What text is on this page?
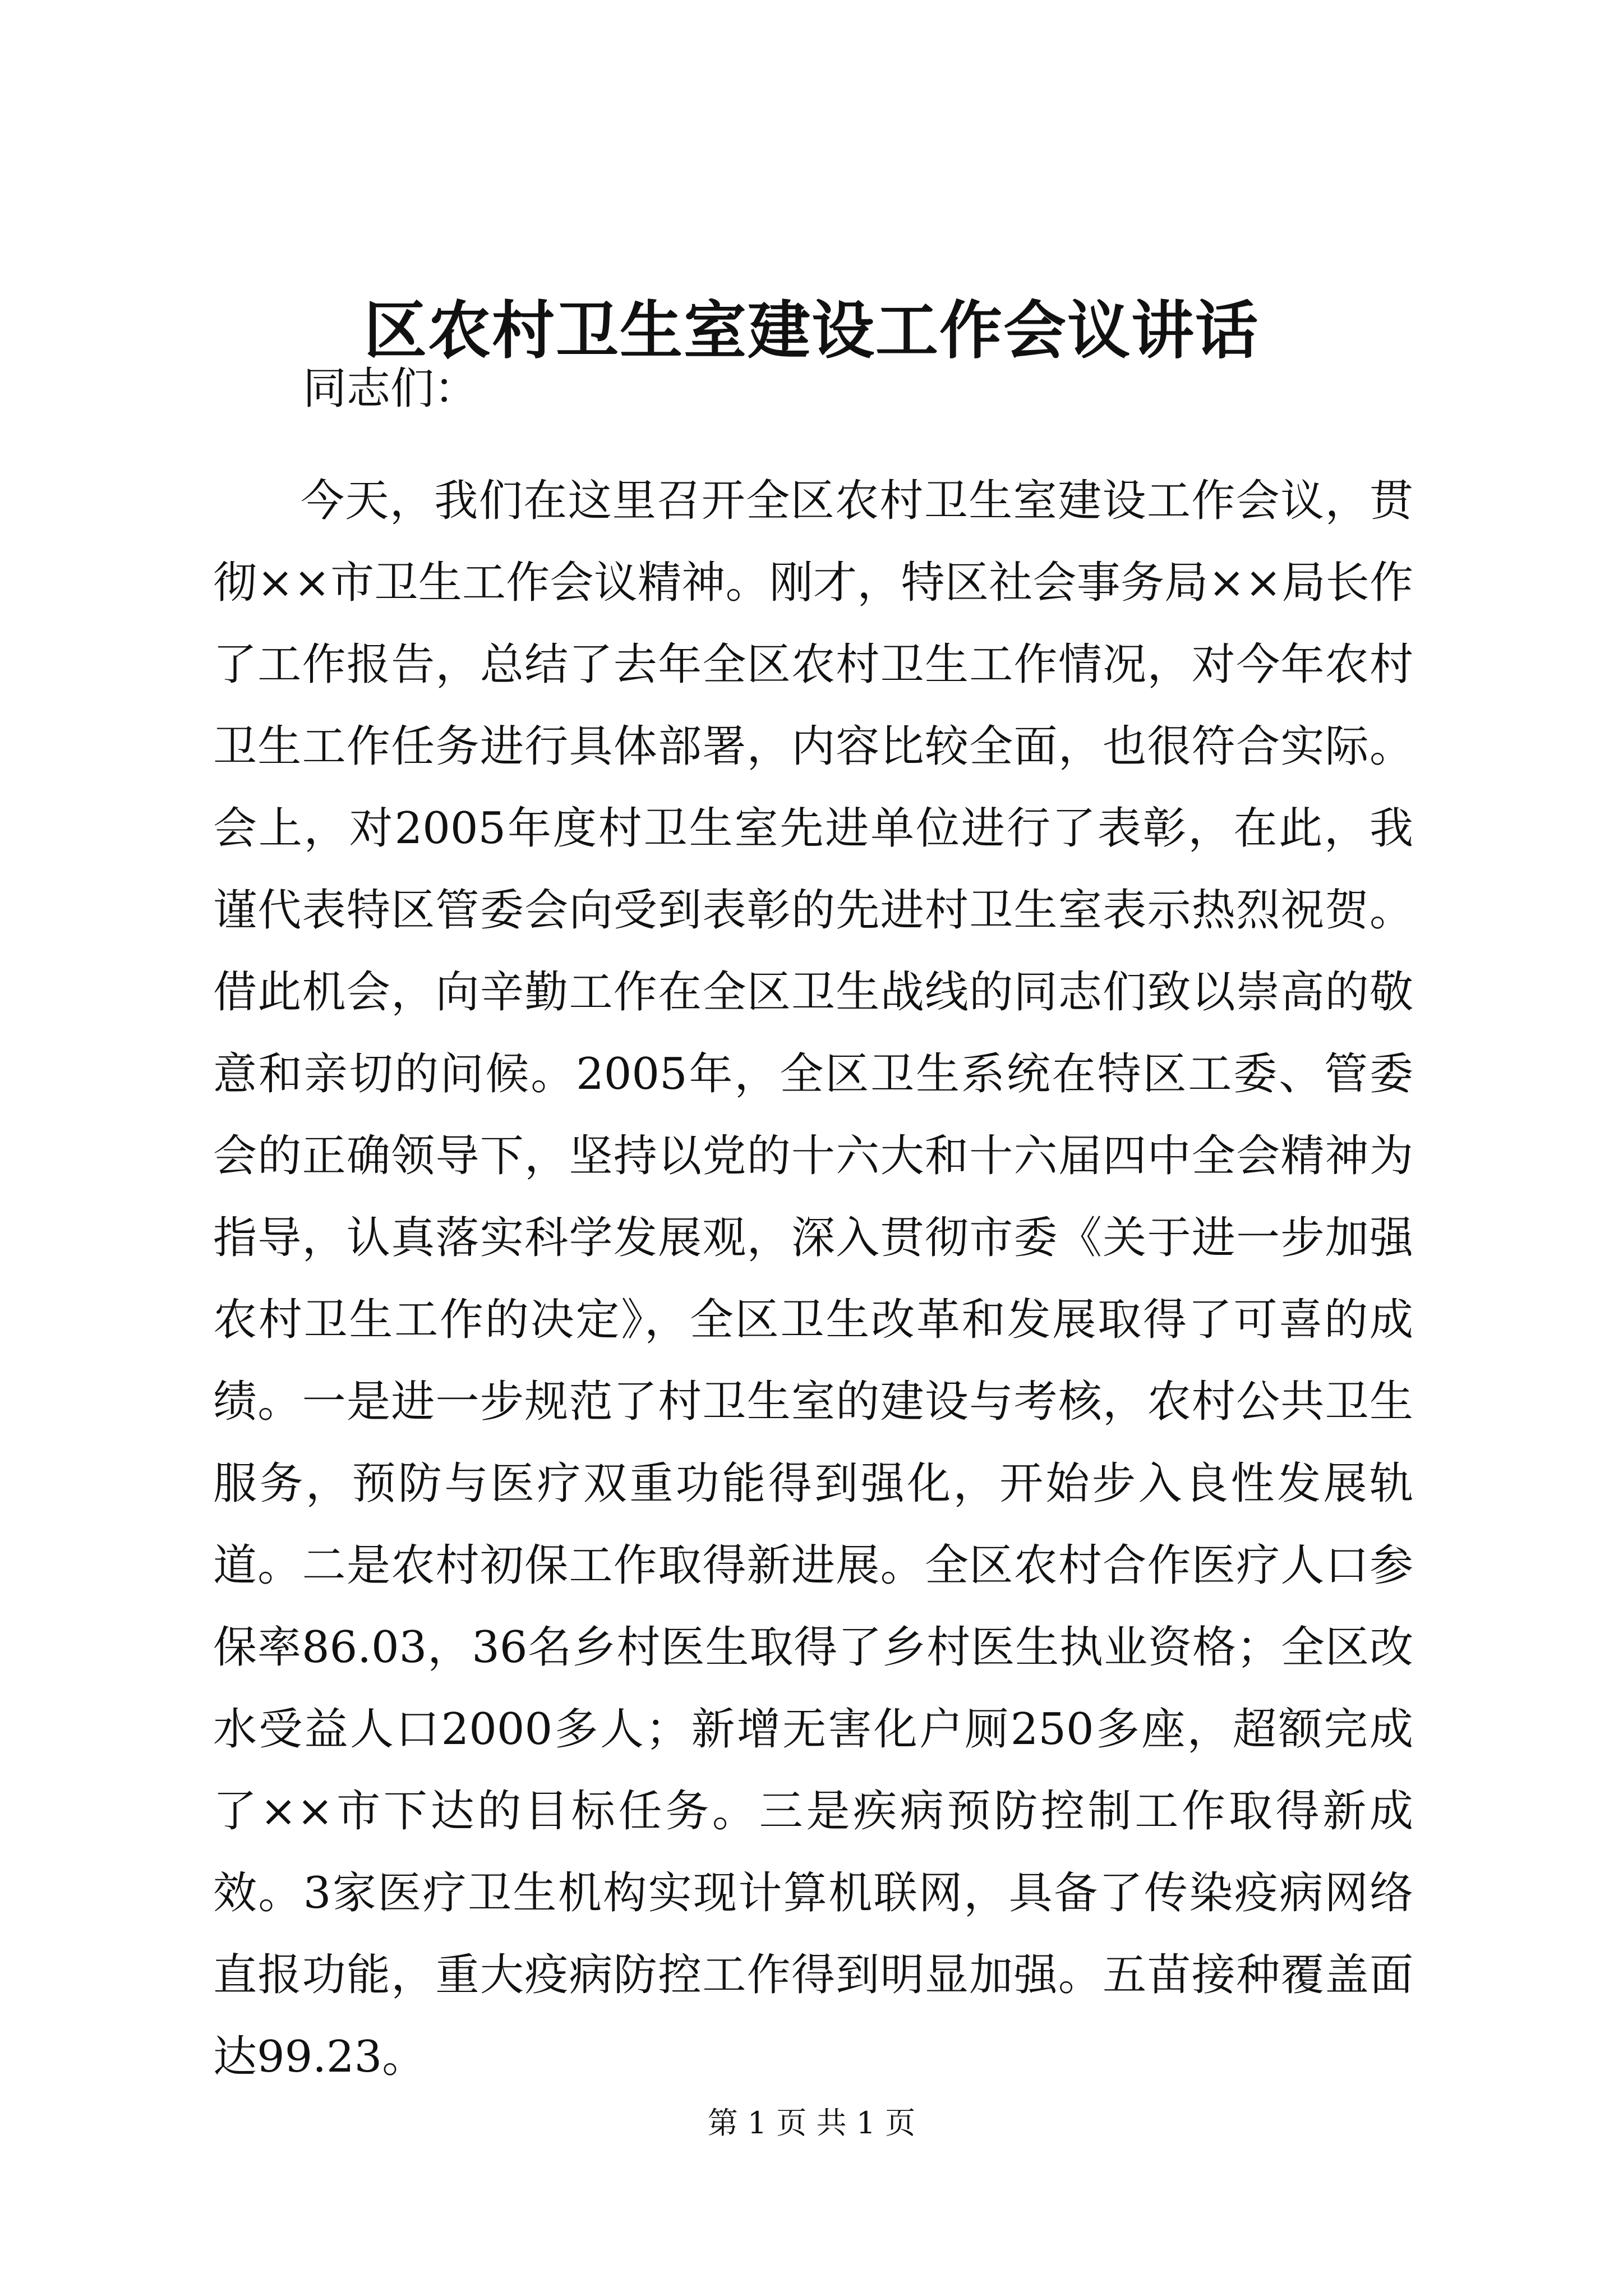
区农村卫生室建设工作会议讲话

同志们：

今天，我们在这里召开全区农村卫生室建设工作会议，贯彻××市卫生工作会议精神。刚才，特区社会事务局××局长作了工作报告，总结了去年全区农村卫生工作情况，对今年农村卫生工作任务进行具体部署，内容比较全面，也很符合实际。会上，对2005年度村卫生室先进单位进行了表彰，在此，我谨代表特区管委会向受到表彰的先进村卫生室表示热烈祝贺。借此机会，向辛勤工作在全区卫生战线的同志们致以崇高的敬意和亲切的问候。2005年，全区卫生系统在特区工委、管委会的正确领导下，坚持以党的十六大和十六届四中全会精神为指导，认真落实科学发展观，深入贯彻市委《关于进一步加强农村卫生工作的决定》，全区卫生改革和发展取得了可喜的成绩。一是进一步规范了村卫生室的建设与考核，农村公共卫生服务，预防与医疗双重功能得到强化，开始步入良性发展轨道。二是农村初保工作取得新进展。全区农村合作医疗人口参保率86.03，36名乡村医生取得了乡村医生执业资格；全区改水受益人口2000多人；新增无害化户厕250多座，超额完成了××市下达的目标任务。三是疾病预防控制工作取得新成效。3家医疗卫生机构实现计算机联网，具备了传染疫病网络直报功能，重大疫病防控工作得到明显加强。五苗接种覆盖面达99.23。

第 1 页 共 1 页
